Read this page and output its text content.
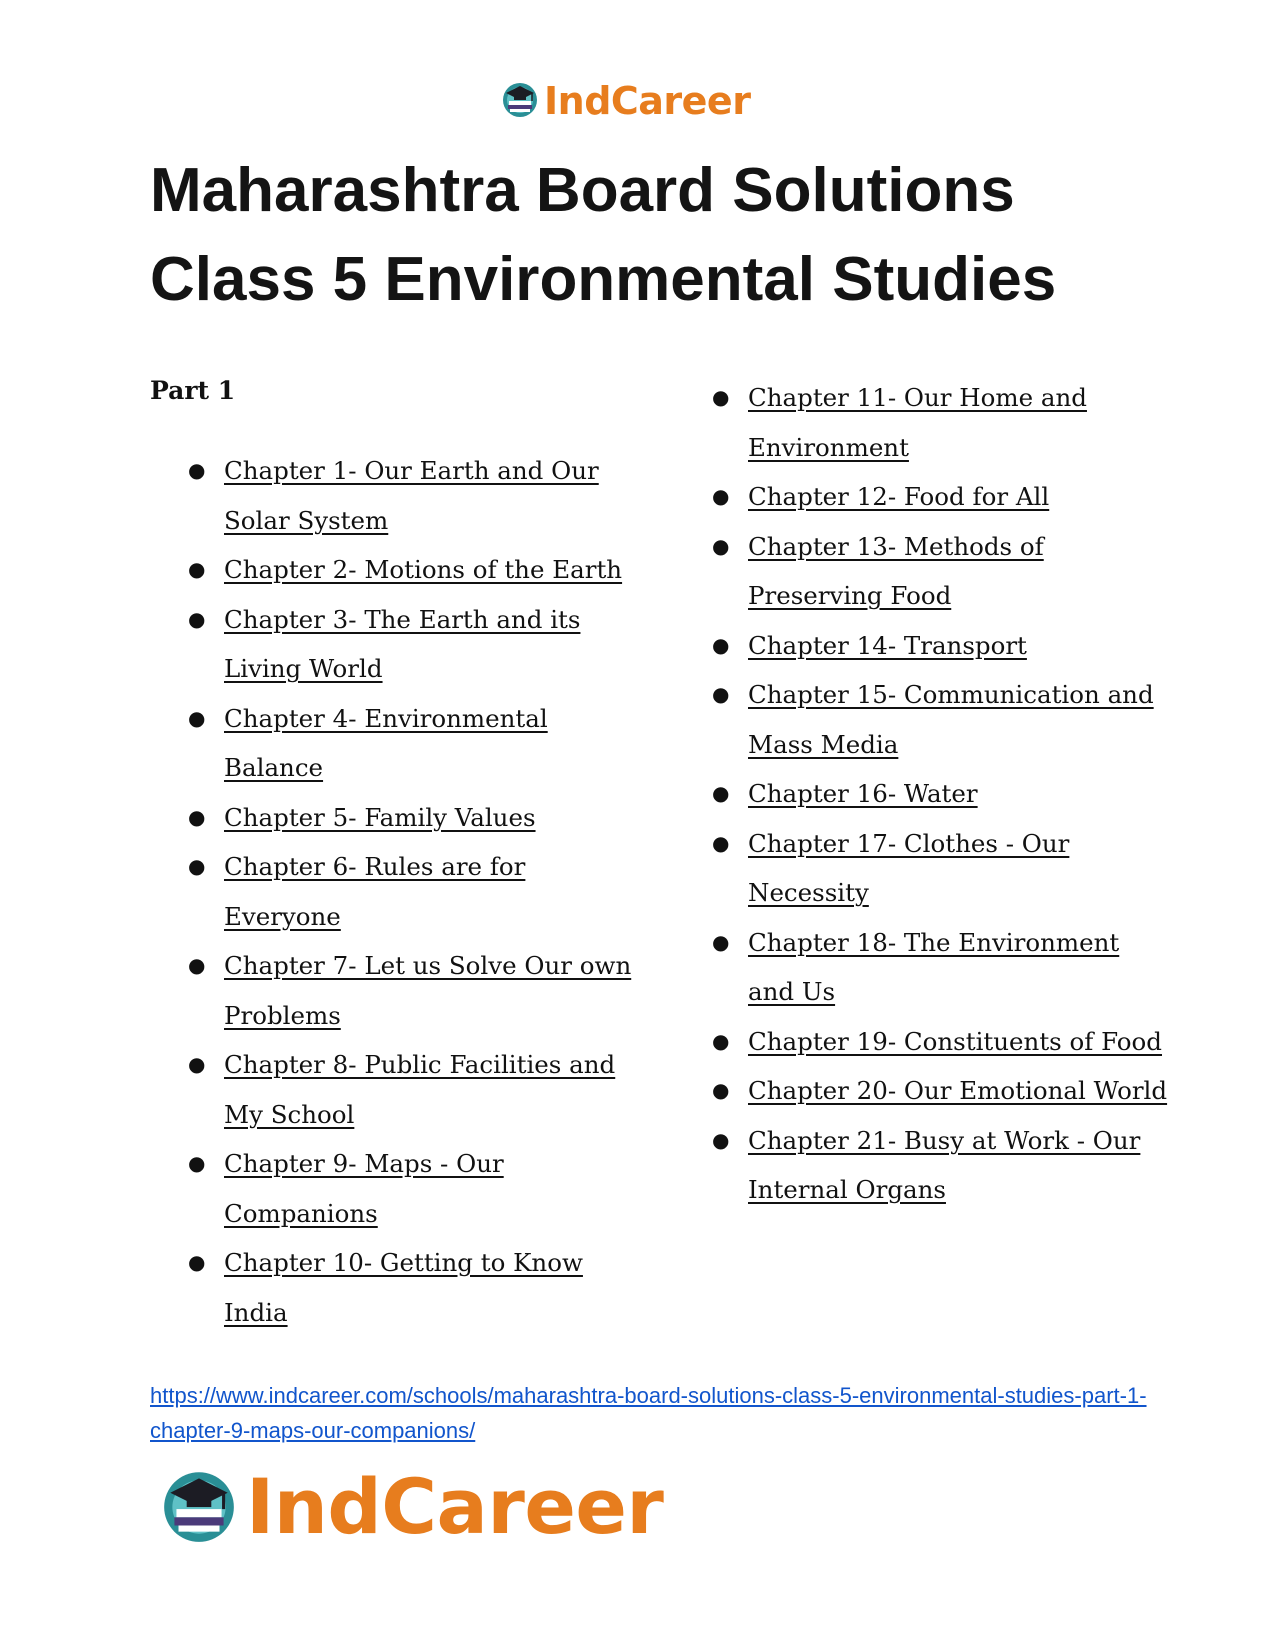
IndCareer
Maharashtra Board Solutions
Class 5 Environmental Studies

Part 1

● Chapter 1- Our Earth and Our Solar System
● Chapter 2- Motions of the Earth
● Chapter 3- The Earth and its Living World
● Chapter 4- Environmental Balance
● Chapter 5- Family Values
● Chapter 6- Rules are for Everyone
● Chapter 7- Let us Solve Our own Problems
● Chapter 8- Public Facilities and My School
● Chapter 9- Maps - Our Companions
● Chapter 10- Getting to Know India
● Chapter 11- Our Home and Environment
● Chapter 12- Food for All
● Chapter 13- Methods of Preserving Food
● Chapter 14- Transport
● Chapter 15- Communication and Mass Media
● Chapter 16- Water
● Chapter 17- Clothes - Our Necessity
● Chapter 18- The Environment and Us
● Chapter 19- Constituents of Food
● Chapter 20- Our Emotional World
● Chapter 21- Busy at Work - Our Internal Organs
https://www.indcareer.com/schools/maharashtra-board-solutions-class-5-environmental-studies-part-1-chapter-9-maps-our-companions/
IndCareer
